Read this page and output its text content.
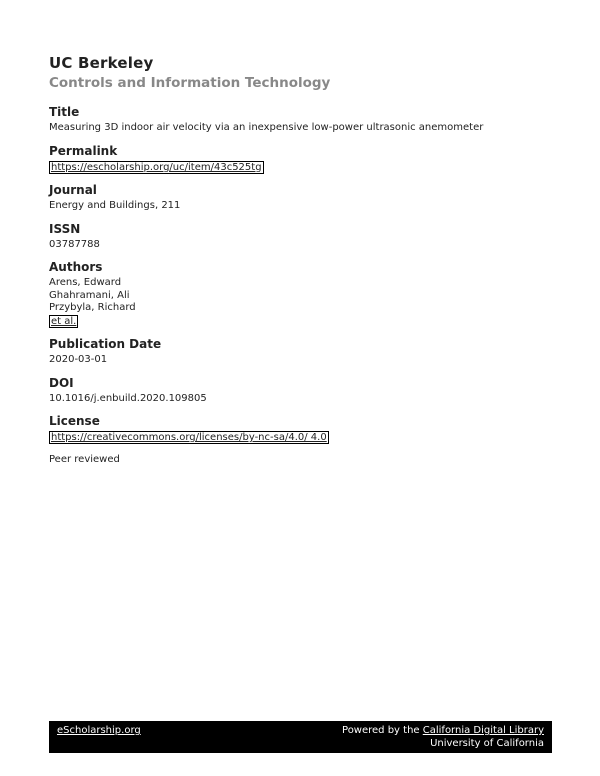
UC Berkeley
Controls and Information Technology
Title
Measuring 3D indoor air velocity via an inexpensive low-power ultrasonic anemometer
Permalink
https://escholarship.org/uc/item/43c525tg
Journal
Energy and Buildings, 211
ISSN
03787788
Authors
Arens, Edward
Ghahramani, Ali
Przybyla, Richard
et al.
Publication Date
2020-03-01
DOI
10.1016/j.enbuild.2020.109805
License
https://creativecommons.org/licenses/by-nc-sa/4.0/ 4.0
Peer reviewed
eScholarship.org	Powered by the California Digital Library
University of California
